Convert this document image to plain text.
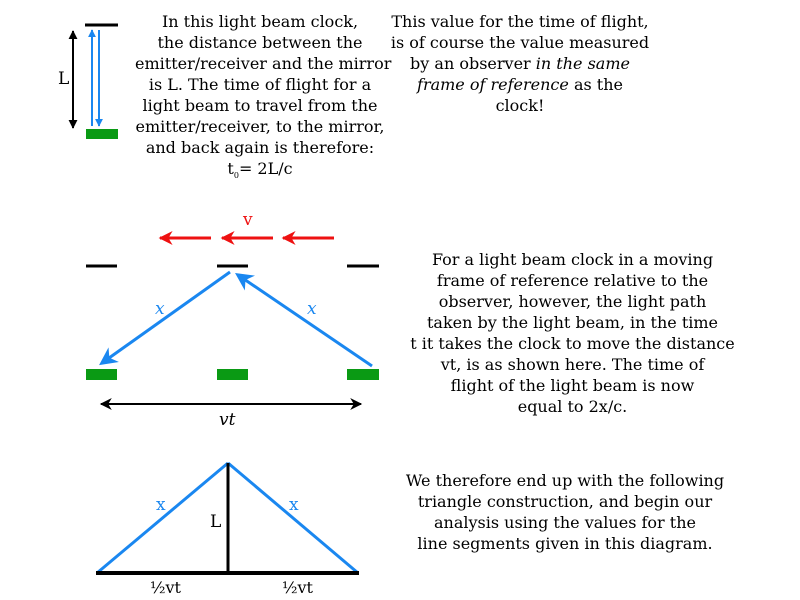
L
v
x	x
vt
x	x
L
½vt	½vt
In this light beam clock,
the distance between the
emitter/receiver and the mirror
is L. The time of flight for a
light beam to travel from the
emitter/receiver, to the mirror,
and back again is therefore:
$t_0= 2L/c$
This value for the time of flight,
is of course the value measured
by an observer in the same
frame of reference as the
clock!
For a light beam clock in a moving
frame of reference relative to the
observer, however, the light path
taken by the light beam, in the time
t it takes the clock to move the distance
vt, is as shown here. The time of
flight of the light beam is now
equal to 2x/c.
We therefore end up with the following
triangle construction, and begin our
analysis using the values for the
line segments given in this diagram.
